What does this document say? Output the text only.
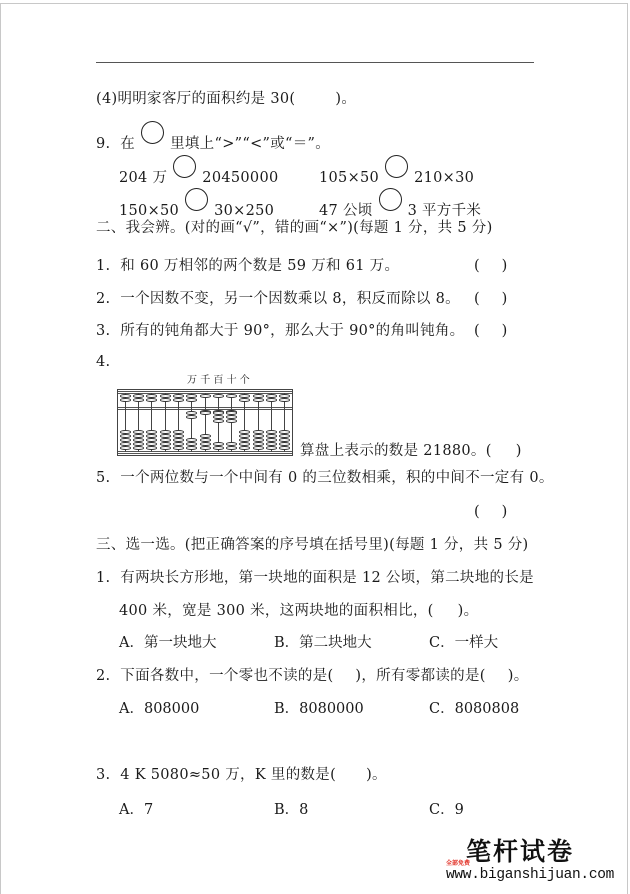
(4)明明家客厅的面积约是 30(	)。
9. 在 里填上“>”“<”或“＝”。
204 万 20450000	105×50 210×30
150×50 30×250	47 公顷 3 平方千米
二、我会辨。(对的画“√”，错的画“×”)(每题 1 分，共 5 分)
1. 和 60 万相邻的两个数是 59 万和 61 万。	( )
2. 一个因数不变，另一个因数乘以 8，积反而除以 8。 ( )
3. 所有的钝角都大于 90°，那么大于 90°的角叫钝角。 ( )
4.
万千百十个
算盘上表示的数是 21880。( )
5. 一个两位数与一个中间有 0 的三位数相乘，积的中间不一定有 0。
( )
三、选一选。(把正确答案的序号填在括号里)(每题 1 分，共 5 分)
1. 有两块长方形地，第一块地的面积是 12 公顷，第二块地的长是
400 米，宽是 300 米，这两块地的面积相比，( )。
A．第一块地大	B．第二块地大	C．一样大
2. 下面各数中，一个零也不读的是( )，所有零都读的是( )。
A．808000	B．8080000	C．8080808
3. 4 K 5080≈50 万，K 里的数是( )。
A．7	B．8	C．9
笔杆试卷
全部免费
www.biganshijuan.com
